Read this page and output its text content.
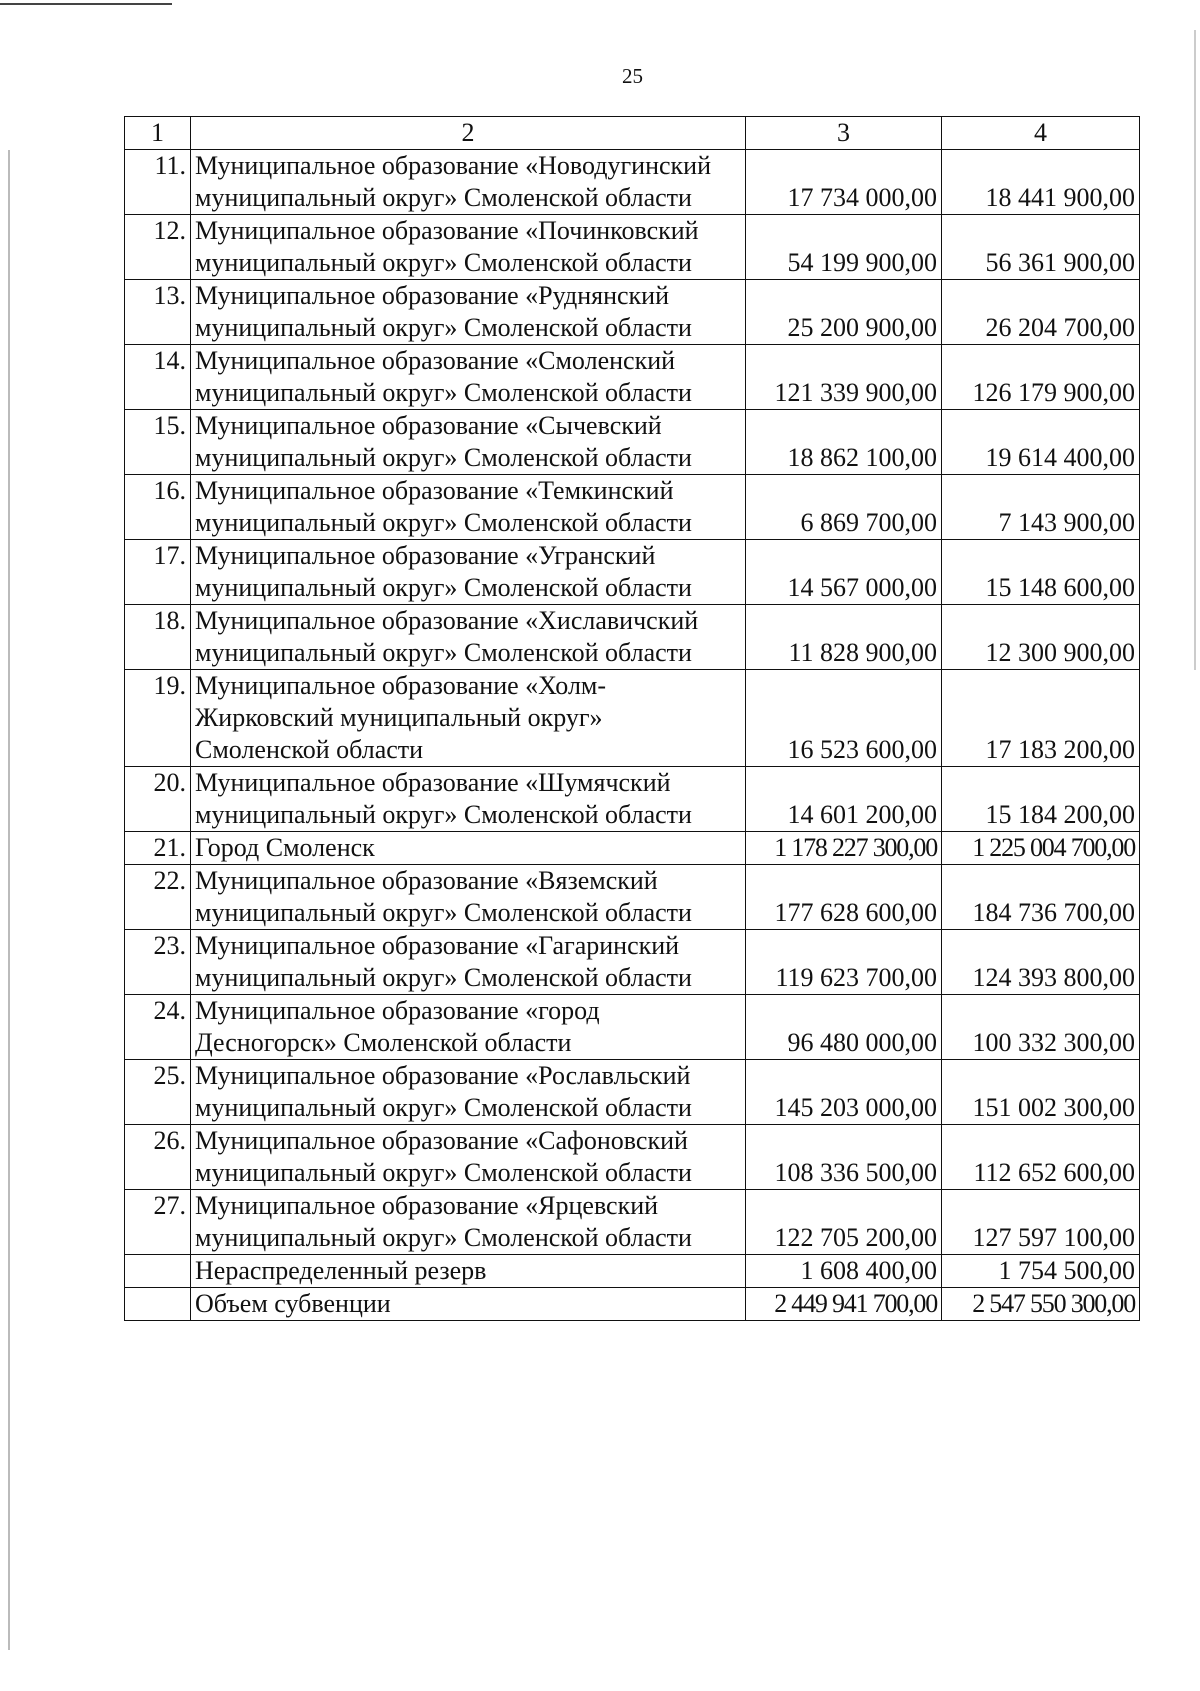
25
1	2	3	4
11.	Муниципальное образование «Новодугинский муниципальный округ» Смоленской области	17 734 000,00	18 441 900,00
12.	Муниципальное образование «Починковский муниципальный округ» Смоленской области	54 199 900,00	56 361 900,00
13.	Муниципальное образование «Руднянский муниципальный округ» Смоленской области	25 200 900,00	26 204 700,00
14.	Муниципальное образование «Смоленский муниципальный округ» Смоленской области	121 339 900,00	126 179 900,00
15.	Муниципальное образование «Сычевский муниципальный округ» Смоленской области	18 862 100,00	19 614 400,00
16.	Муниципальное образование «Темкинский муниципальный округ» Смоленской области	6 869 700,00	7 143 900,00
17.	Муниципальное образование «Угранский муниципальный округ» Смоленской области	14 567 000,00	15 148 600,00
18.	Муниципальное образование «Хиславичский муниципальный округ» Смоленской области	11 828 900,00	12 300 900,00
19.	Муниципальное образование «Холм-Жирковский муниципальный округ» Смоленской области	16 523 600,00	17 183 200,00
20.	Муниципальное образование «Шумячский муниципальный округ» Смоленской области	14 601 200,00	15 184 200,00
21.	Город Смоленск	1 178 227 300,00	1 225 004 700,00
22.	Муниципальное образование «Вяземский муниципальный округ» Смоленской области	177 628 600,00	184 736 700,00
23.	Муниципальное образование «Гагаринский муниципальный округ» Смоленской области	119 623 700,00	124 393 800,00
24.	Муниципальное образование «город Десногорск» Смоленской области	96 480 000,00	100 332 300,00
25.	Муниципальное образование «Рославльский муниципальный округ» Смоленской области	145 203 000,00	151 002 300,00
26.	Муниципальное образование «Сафоновский муниципальный округ» Смоленской области	108 336 500,00	112 652 600,00
27.	Муниципальное образование «Ярцевский муниципальный округ» Смоленской области	122 705 200,00	127 597 100,00
	Нераспределенный резерв	1 608 400,00	1 754 500,00
	Объем субвенции	2 449 941 700,00	2 547 550 300,00
